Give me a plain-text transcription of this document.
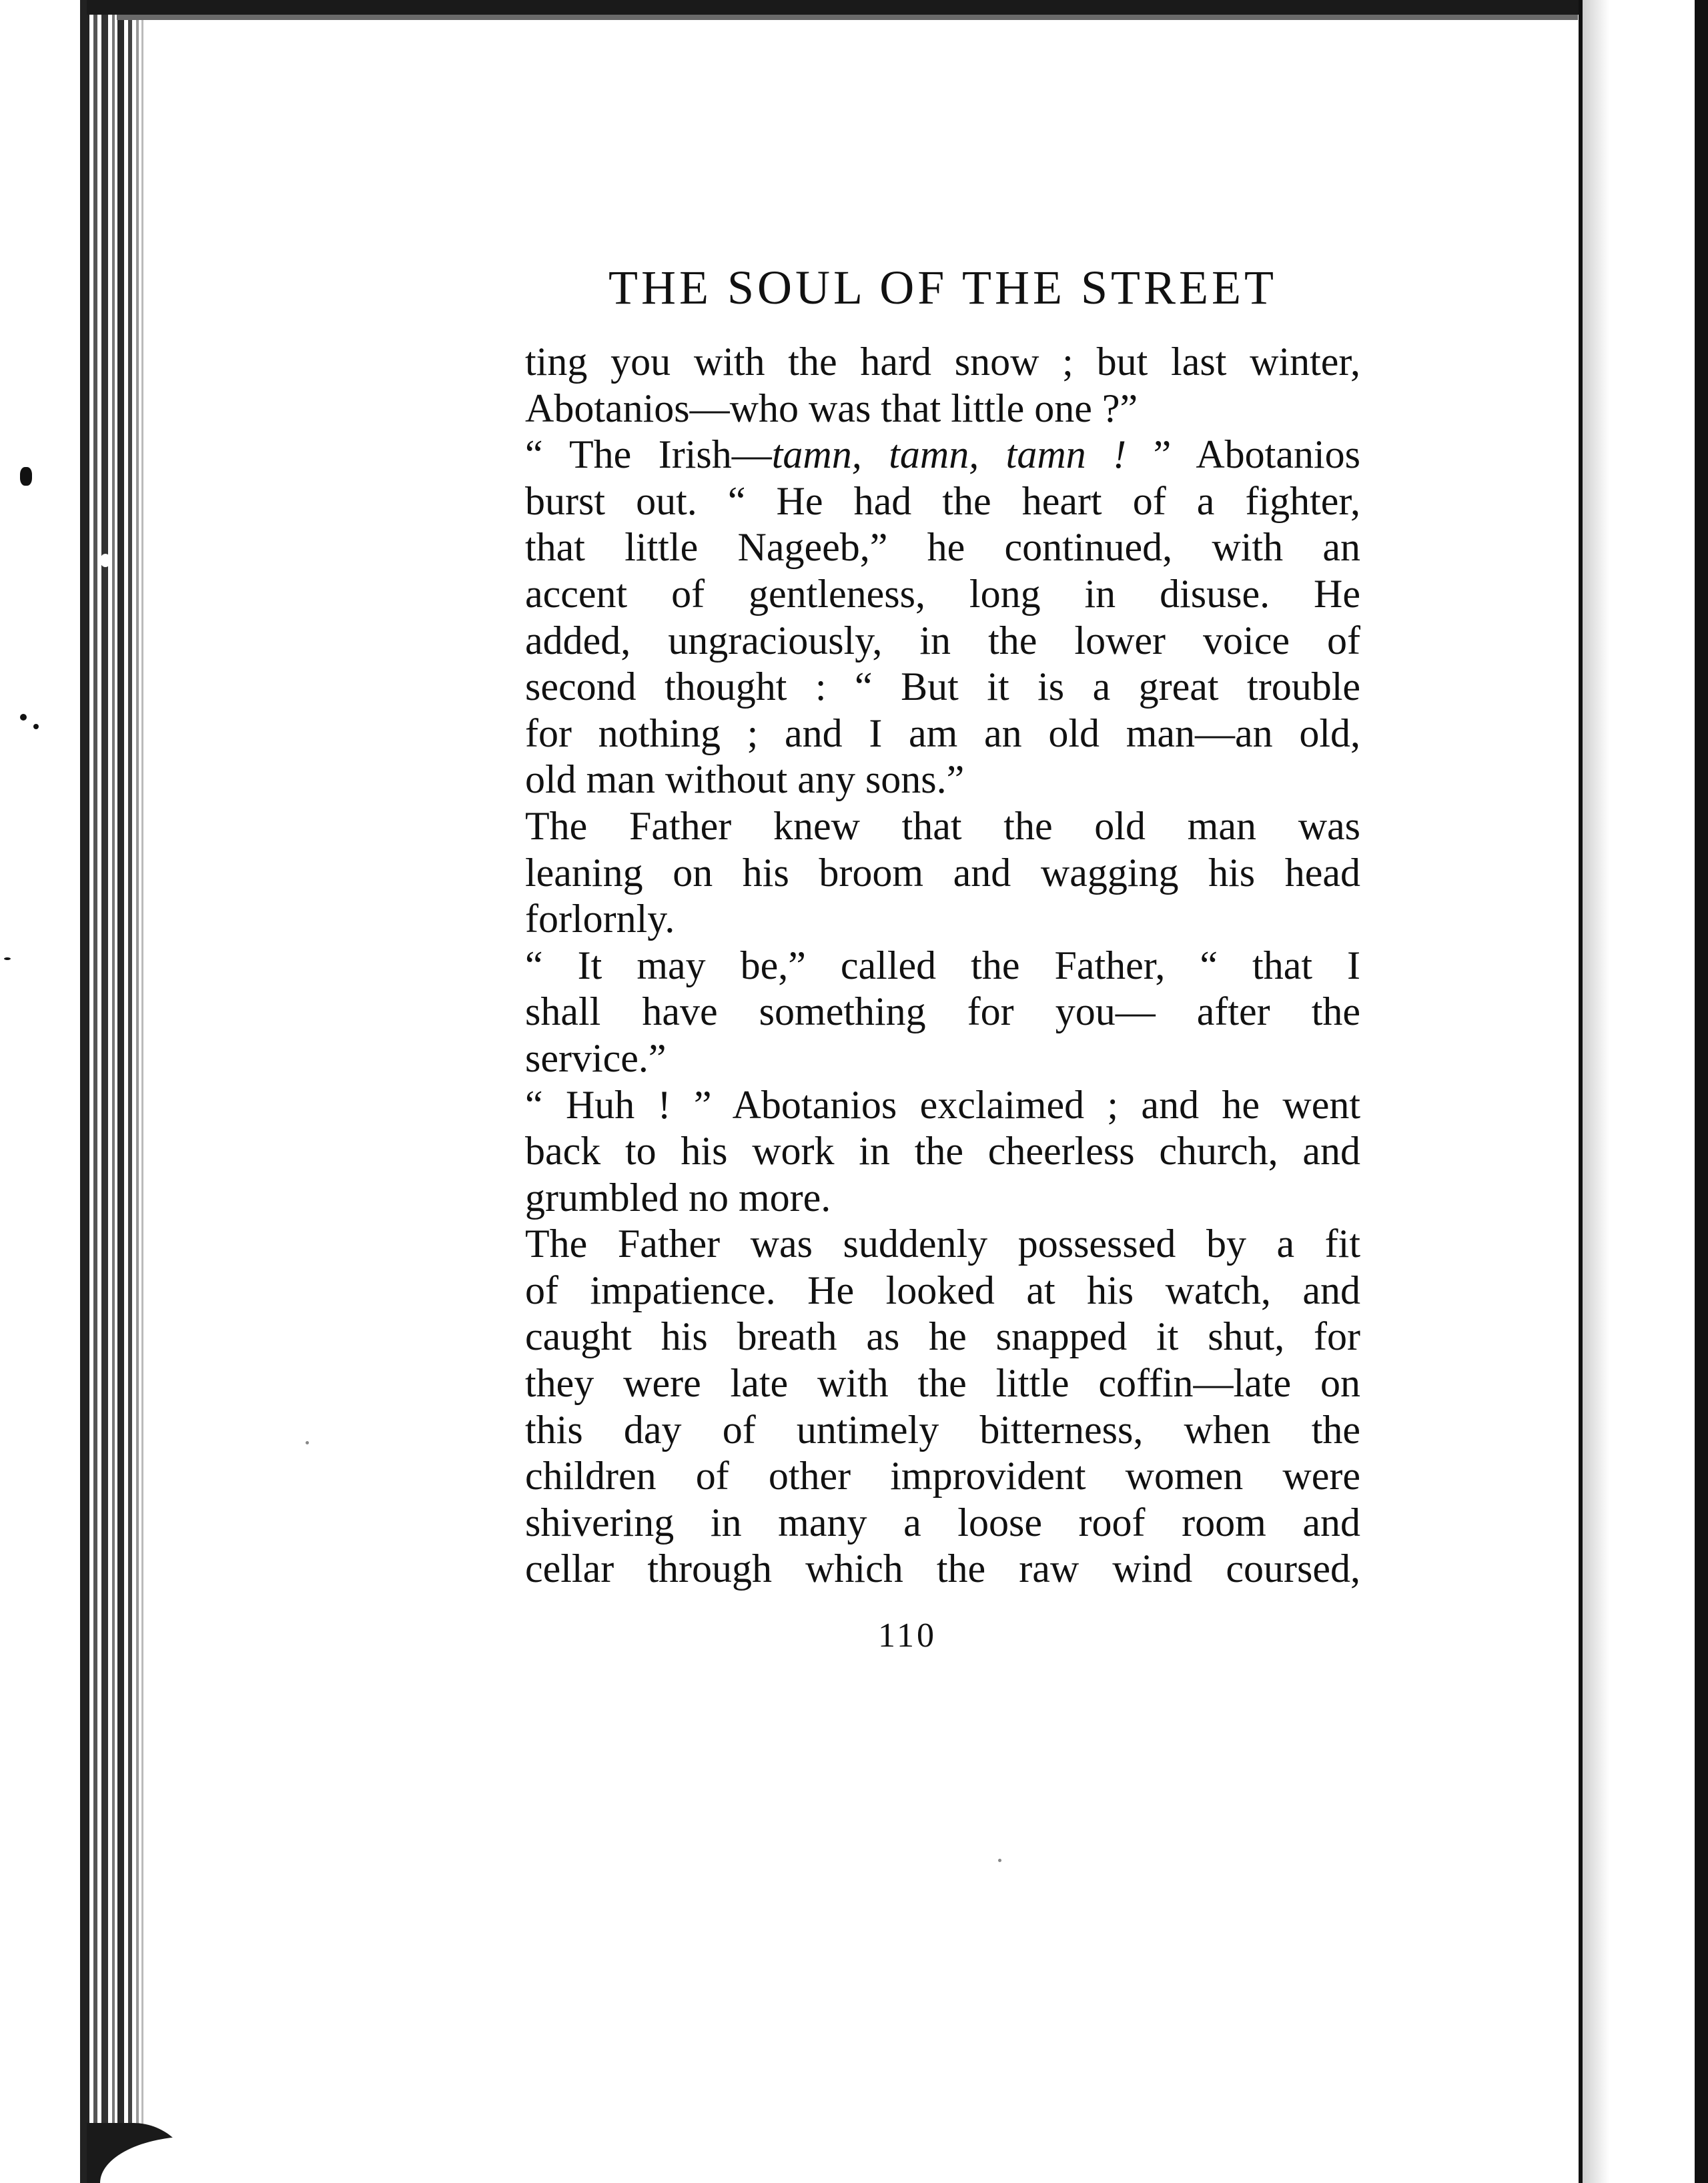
THE SOUL OF THE STREET
ting you with the hard snow ; but last winter,
Abotanios—who was that little one ?”
“ The Irish—tamn, tamn, tamn ! ” Abotanios
burst out. “ He had the heart of a fighter,
that little Nageeb,” he continued, with an
accent of gentleness, long in disuse. He
added, ungraciously, in the lower voice of
second thought : “ But it is a great trouble
for nothing ; and I am an old man—an old,
old man without any sons.”
The Father knew that the old man was
leaning on his broom and wagging his head
forlornly.
“ It may be,” called the Father, “ that I
shall have something for you— after the
service.”
“ Huh ! ” Abotanios exclaimed ; and he went
back to his work in the cheerless church, and
grumbled no more.
The Father was suddenly possessed by a fit
of impatience. He looked at his watch, and
caught his breath as he snapped it shut, for
they were late with the little coffin—late on
this day of untimely bitterness, when the
children of other improvident women were
shivering in many a loose roof room and
cellar through which the raw wind coursed,
110
